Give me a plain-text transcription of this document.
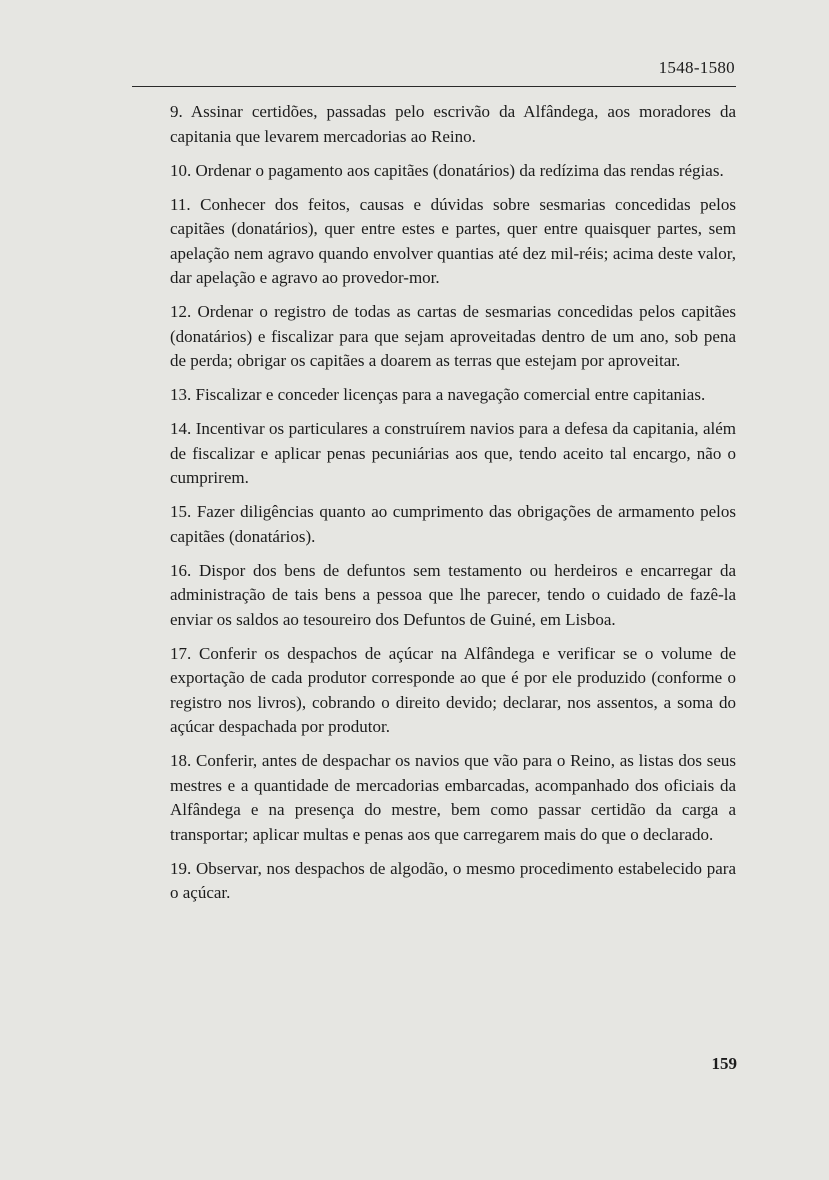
1548-1580

9. Assinar certidões, passadas pelo escrivão da Alfândega, aos moradores da capitania que levarem mercadorias ao Reino.

10. Ordenar o pagamento aos capitães (donatários) da redízima das rendas régias.

11. Conhecer dos feitos, causas e dúvidas sobre sesmarias concedidas pelos capitães (donatários), quer entre estes e partes, quer entre quaisquer partes, sem apelação nem agravo quando envolver quantias até dez mil-réis; acima deste valor, dar apelação e agravo ao provedor-mor.

12. Ordenar o registro de todas as cartas de sesmarias concedidas pelos capitães (donatários) e fiscalizar para que sejam aproveitadas dentro de um ano, sob pena de perda; obrigar os capitães a doarem as terras que estejam por aproveitar.

13. Fiscalizar e conceder licenças para a navegação comercial entre capitanias.

14. Incentivar os particulares a construírem navios para a defesa da capitania, além de fiscalizar e aplicar penas pecuniárias aos que, tendo aceito tal encargo, não o cumprirem.

15. Fazer diligências quanto ao cumprimento das obrigações de armamento pelos capitães (donatários).

16. Dispor dos bens de defuntos sem testamento ou herdeiros e encarregar da administração de tais bens a pessoa que lhe parecer, tendo o cuidado de fazê-la enviar os saldos ao tesoureiro dos Defuntos de Guiné, em Lisboa.

17. Conferir os despachos de açúcar na Alfândega e verificar se o volume de exportação de cada produtor corresponde ao que é por ele produzido (conforme o registro nos livros), cobrando o direito devido; declarar, nos assentos, a soma do açúcar despachada por produtor.

18. Conferir, antes de despachar os navios que vão para o Reino, as listas dos seus mestres e a quantidade de mercadorias embarcadas, acompanhado dos oficiais da Alfândega e na presença do mestre, bem como passar certidão da carga a transportar; aplicar multas e penas aos que carregarem mais do que o declarado.

19. Observar, nos despachos de algodão, o mesmo procedimento estabelecido para o açúcar.

159
